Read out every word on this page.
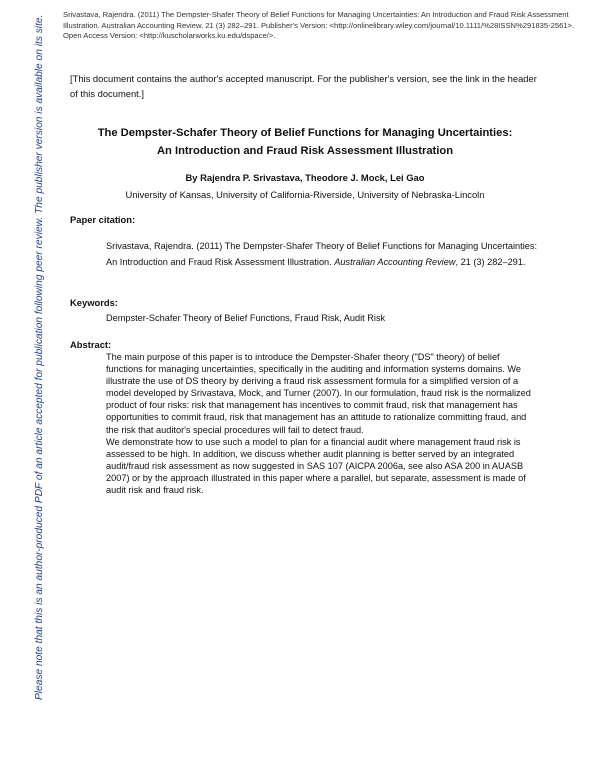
Srivastava, Rajendra. (2011) The Dempster-Shafer Theory of Belief Functions for Managing Uncertainties: An Introduction and Fraud Risk Assessment Illustration. Australian Accounting Review, 21 (3) 282–291. Publisher's Version: <http://onlinelibrary.wiley.com/journal/10.1111/%28ISSN%291835-2561>. Open Access Version: <http://kuscholarworks.ku.edu/dspace/>.
Please note that this is an author-produced PDF of an article accepted for publication following peer review. The publisher version is available on its site.	[This document contains the author's accepted manuscript. For the publisher's version, see the link in the header of this document.]
The Dempster-Schafer Theory of Belief Functions for Managing Uncertainties:
An Introduction and Fraud Risk Assessment Illustration
By Rajendra P. Srivastava, Theodore J. Mock, Lei Gao
University of Kansas, University of California-Riverside, University of Nebraska-Lincoln
Paper citation:
Srivastava, Rajendra. (2011) The Dempster-Shafer Theory of Belief Functions for Managing Uncertainties: An Introduction and Fraud Risk Assessment Illustration. Australian Accounting Review, 21 (3) 282–291.
Keywords:
Dempster-Schafer Theory of Belief Functions, Fraud Risk, Audit Risk
Abstract:

The main purpose of this paper is to introduce the Dempster-Shafer theory ("DS" theory) of belief functions for managing uncertainties, specifically in the auditing and information systems domains. We illustrate the use of DS theory by deriving a fraud risk assessment formula for a simplified version of a model developed by Srivastava, Mock, and Turner (2007). In our formulation, fraud risk is the normalized product of four risks: risk that management has incentives to commit fraud, risk that management has opportunities to commit fraud, risk that management has an attitude to rationalize committing fraud, and the risk that auditor's special procedures will fail to detect fraud.

We demonstrate how to use such a model to plan for a financial audit where management fraud risk is assessed to be high. In addition, we discuss whether audit planning is better served by an integrated audit/fraud risk assessment as now suggested in SAS 107 (AICPA 2006a, see also ASA 200 in AUASB 2007) or by the approach illustrated in this paper where a parallel, but separate, assessment is made of audit risk and fraud risk.
